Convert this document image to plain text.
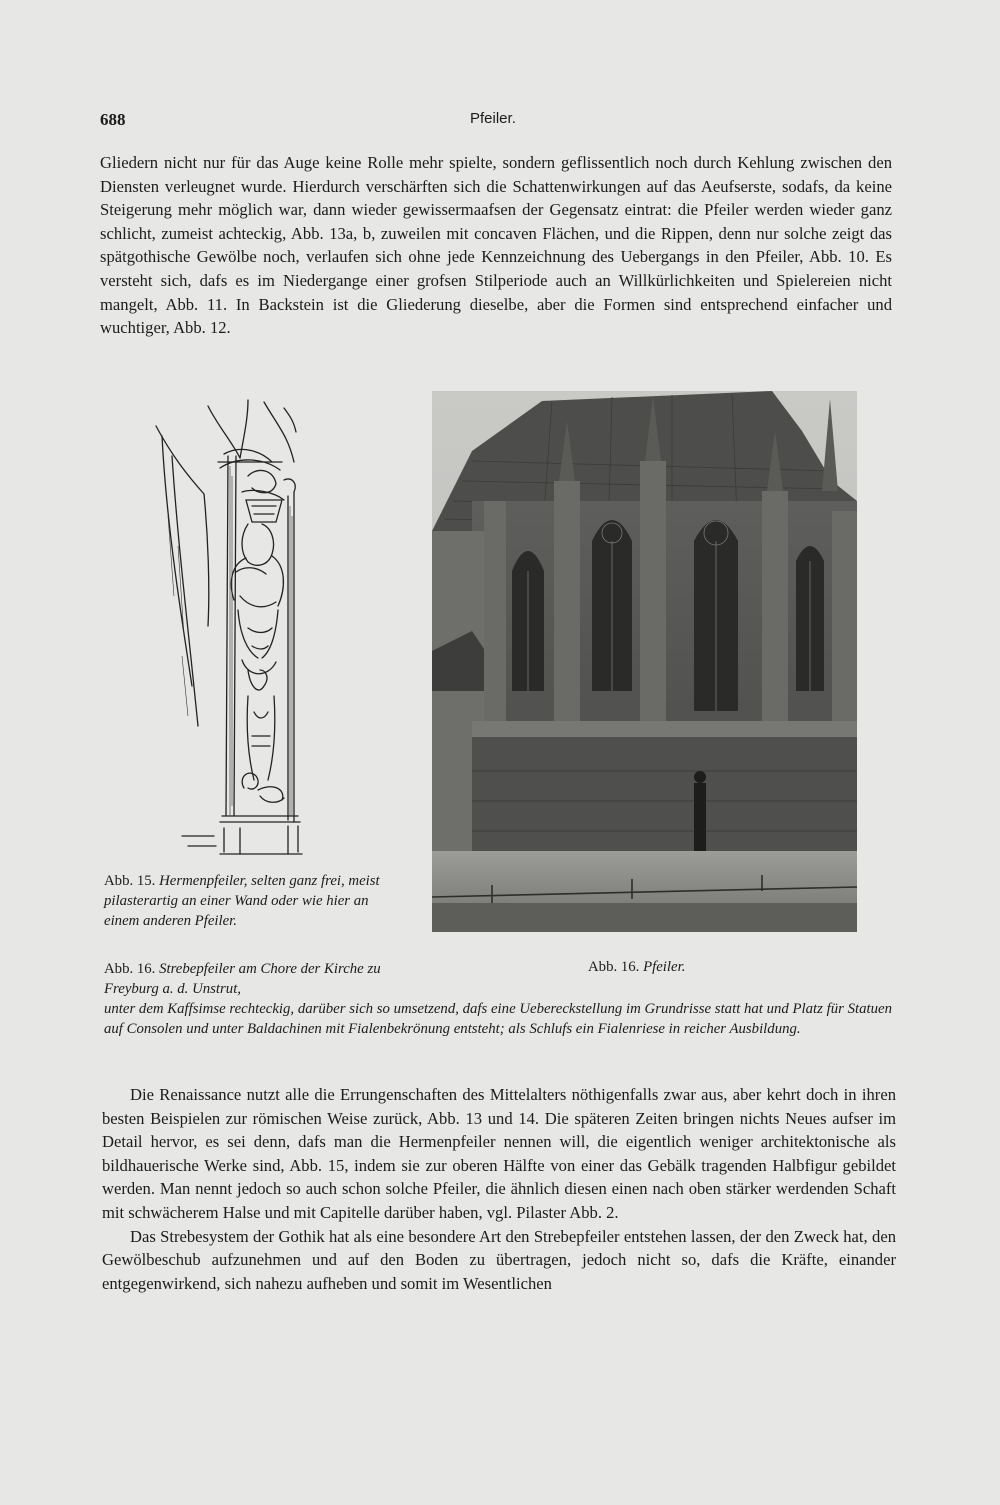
688	Pfeiler.

Gliedern nicht nur für das Auge keine Rolle mehr spielte, sondern geflissentlich noch durch Kehlung zwischen den Diensten verleugnet wurde. Hierdurch verschärften sich die Schattenwirkungen auf das Aeufserste, sodafs, da keine Steigerung mehr möglich war, dann wieder gewissermaafsen der Gegensatz eintrat: die Pfeiler werden wieder ganz schlicht, zumeist achteckig, Abb. 13a, b, zuweilen mit concaven Flächen, und die Rippen, denn nur solche zeigt das spätgothische Gewölbe noch, verlaufen sich ohne jede Kennzeichnung des Uebergangs in den Pfeiler, Abb. 10. Es versteht sich, dafs es im Niedergange einer grofsen Stilperiode auch an Willkürlichkeiten und Spielereien nicht mangelt, Abb. 11. In Backstein ist die Gliederung dieselbe, aber die Formen sind entsprechend einfacher und wuchtiger, Abb. 12.

Abb. 15. Hermenpfeiler, selten ganz frei, meist pilasterartig an einer Wand oder wie hier an einem anderen Pfeiler.
Abb. 16. Pfeiler.
Abb. 16. Strebepfeiler am Chore der Kirche zu Freyburg a. d. Unstrut,
unter dem Kaffsimse rechteckig, darüber sich so umsetzend, dafs eine Uebereckstellung im Grundrisse statt hat und Platz für Statuen auf Consolen und unter Baldachinen mit Fialenbekrönung entsteht; als Schlufs ein Fialenriese in reicher Ausbildung.

Die Renaissance nutzt alle die Errungenschaften des Mittelalters nöthigenfalls zwar aus, aber kehrt doch in ihren besten Beispielen zur römischen Weise zurück, Abb. 13 und 14. Die späteren Zeiten bringen nichts Neues aufser im Detail hervor, es sei denn, dafs man die Hermenpfeiler nennen will, die eigentlich weniger architektonische als bildhauerische Werke sind, Abb. 15, indem sie zur oberen Hälfte von einer das Gebälk tragenden Halbfigur gebildet werden. Man nennt jedoch so auch schon solche Pfeiler, die ähnlich diesen einen nach oben stärker werdenden Schaft mit schwächerem Halse und mit Capitelle darüber haben, vgl. Pilaster Abb. 2.

Das Strebesystem der Gothik hat als eine besondere Art den Strebepfeiler entstehen lassen, der den Zweck hat, den Gewölbeschub aufzunehmen und auf den Boden zu übertragen, jedoch nicht so, dafs die Kräfte, einander entgegenwirkend, sich nahezu aufheben und somit im Wesentlichen
